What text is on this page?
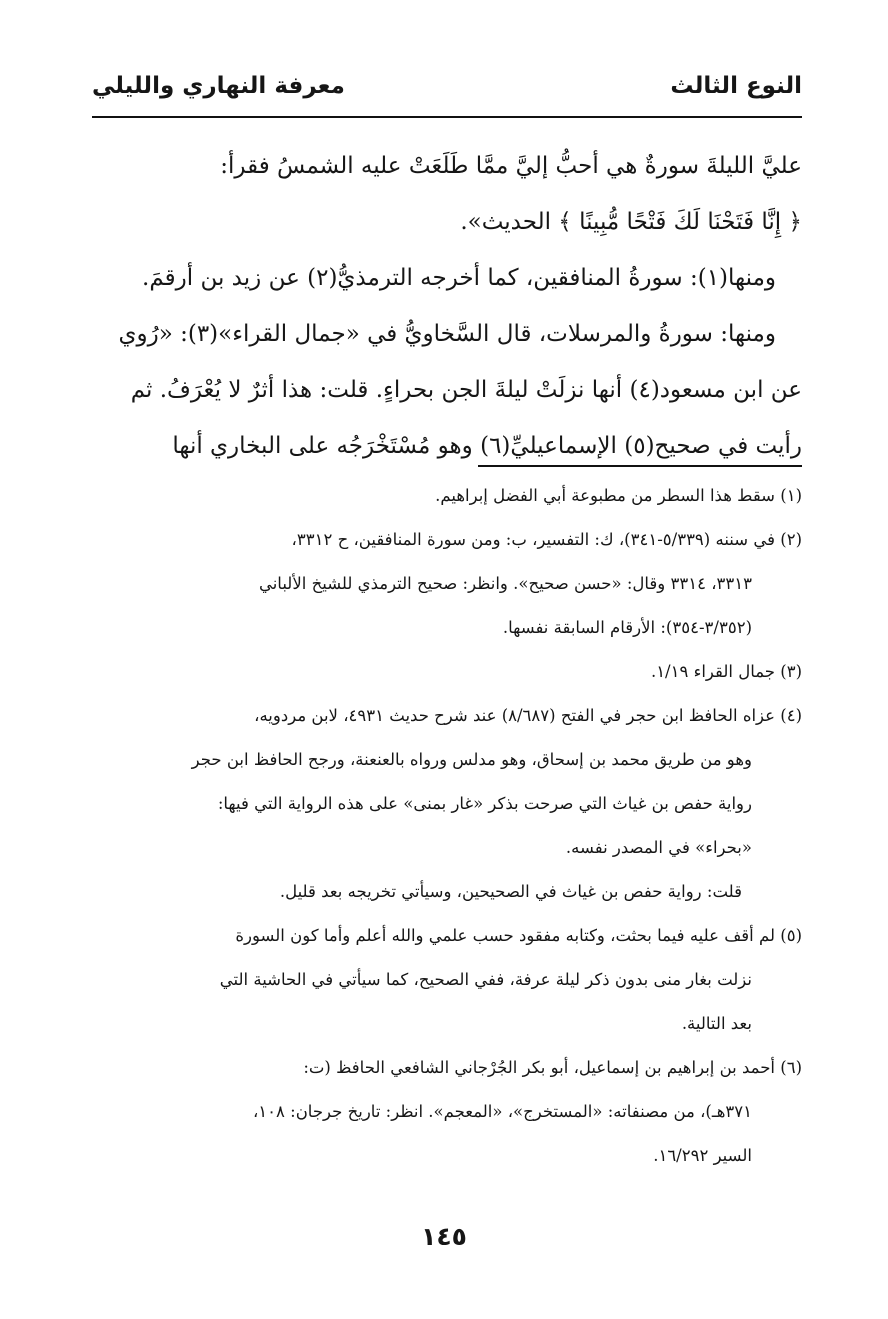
النوع الثالث
معرفة النهاري والليلي
عليَّ الليلةَ سورةٌ هي أحبُّ إليَّ ممَّا طَلَعَتْ عليه الشمسُ فقرأ:
﴿ إِنَّا فَتَحْنَا لَكَ فَتْحًا مُّبِينًا ﴾ الحديث».
ومنها(١): سورةُ المنافقين، كما أخرجه الترمذيُّ(٢) عن زيد بن أرقمَ.
ومنها: سورةُ والمرسلات، قال السَّخاويُّ في «جمال القراء»(٣): «رُوي
عن ابن مسعود(٤) أنها نزلَتْ ليلةَ الجن بحراءٍ. قلت: هذا أثرٌ لا يُعْرَفُ. ثم
رأيت في صحيح(٥) الإسماعيليِّ(٦) وهو مُسْتَخْرَجُه على البخاري أنها
(١) سقط هذا السطر من مطبوعة أبي الفضل إبراهيم.
(٢) في سننه (٥/٣٣٩-٣٤١)، ك: التفسير، ب: ومن سورة المنافقين، ح ٣٣١٢،
٣٣١٣، ٣٣١٤ وقال: «حسن صحيح». وانظر: صحيح الترمذي للشيخ الألباني
(٣/٣٥٢-٣٥٤): الأرقام السابقة نفسها.
(٣) جمال القراء ١/١٩.
(٤) عزاه الحافظ ابن حجر في الفتح (٨/٦٨٧) عند شرح حديث ٤٩٣١، لابن مردويه،
وهو من طريق محمد بن إسحاق، وهو مدلس ورواه بالعنعنة، ورجح الحافظ ابن حجر
رواية حفص بن غياث التي صرحت بذكر «غار بمنى» على هذه الرواية التي فيها:
«بحراء» في المصدر نفسه.
قلت: رواية حفص بن غياث في الصحيحين، وسيأتي تخريجه بعد قليل.
(٥) لم أقف عليه فيما بحثت، وكتابه مفقود حسب علمي والله أعلم وأما كون السورة
نزلت بغار منى بدون ذكر ليلة عرفة، ففي الصحيح، كما سيأتي في الحاشية التي
بعد التالية.
(٦) أحمد بن إبراهيم بن إسماعيل، أبو بكر الجُرْجاني الشافعي الحافظ (ت:
٣٧١هـ)، من مصنفاته: «المستخرج»، «المعجم». انظر: تاريخ جرجان: ١٠٨،
السير ١٦/٢٩٢.
١٤٥
